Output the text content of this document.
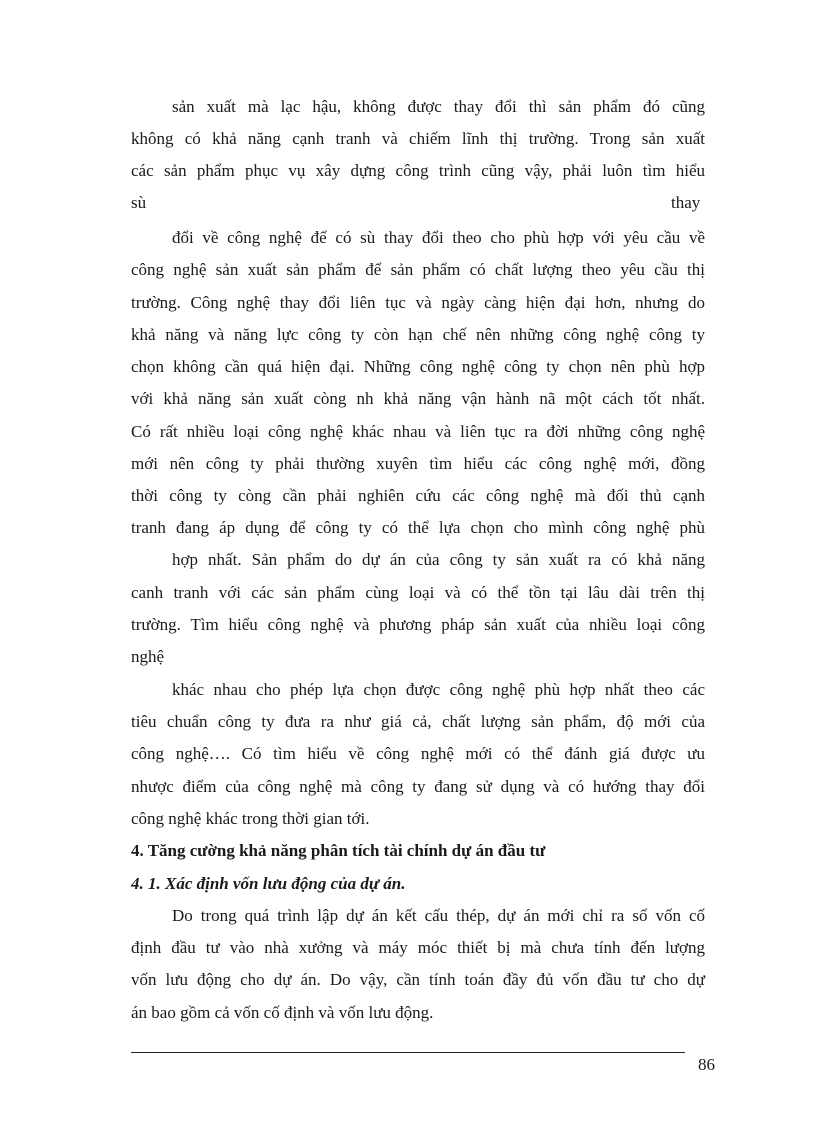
sản xuất mà lạc hậu, không được thay đổi thì sản phẩm đó cũng
không có khả năng cạnh tranh và chiếm lĩnh thị trường. Trong sản xuất
các sản phẩm phục vụ xây dựng công trình cũng vậy, phải luôn tìm hiểu
sù	thay
đổi về công nghệ để có sù thay đổi theo cho phù hợp với yêu cầu về
công nghệ sản xuất sản phẩm để sản phẩm có chất lượng theo yêu cầu thị
trường. Công nghệ thay đổi liên tục và ngày càng hiện đại hơn, nhưng do
khả năng và năng lực công ty còn hạn chế nên những công nghệ công ty
chọn không cần quá hiện đại. Những công nghệ công ty chọn nên phù hợp
với khả năng sản xuất còng nh khả năng vận hành nã một cách tốt nhất.
Có rất nhiều loại công nghệ khác nhau và liên tục ra đời những công nghệ
mới nên công ty phải thường xuyên tìm hiểu các công nghệ mới, đồng
thời công ty còng cần phải nghiên cứu các công nghệ mà đối thủ cạnh
tranh đang áp dụng để công ty có thể lựa chọn cho mình công nghệ phù
hợp nhất. Sản phẩm do dự án của công ty sản xuất ra có khả năng
canh tranh với các sản phẩm cùng loại và có thể tồn tại lâu dài trên thị
trường. Tìm hiểu công nghệ và phương pháp sản xuất của nhiều loại công
nghệ
khác nhau cho phép lựa chọn được công nghệ phù hợp nhất theo các
tiêu chuẩn công ty đưa ra như giá cả, chất lượng sản phẩm, độ mới của
công nghệ…. Có tìm hiểu về công nghệ mới có thể đánh giá được ưu
nhược điểm của công nghệ mà công ty đang sử dụng và có hướng thay đổi
công nghệ khác trong thời gian tới.
4. Tăng cường khả năng phân tích tài chính dự án đầu tư
4. 1. Xác định vốn lưu động của dự án.
Do trong quá trình lập dự án kết cấu thép, dự án mới chỉ ra số vốn cố
định đầu tư vào nhà xưởng và máy móc thiết bị mà chưa tính đến lượng
vốn lưu động cho dự án. Do vậy, cần tính toán đầy đủ vốn đầu tư cho dự
án bao gồm cả vốn cố định và vốn lưu động.
86
